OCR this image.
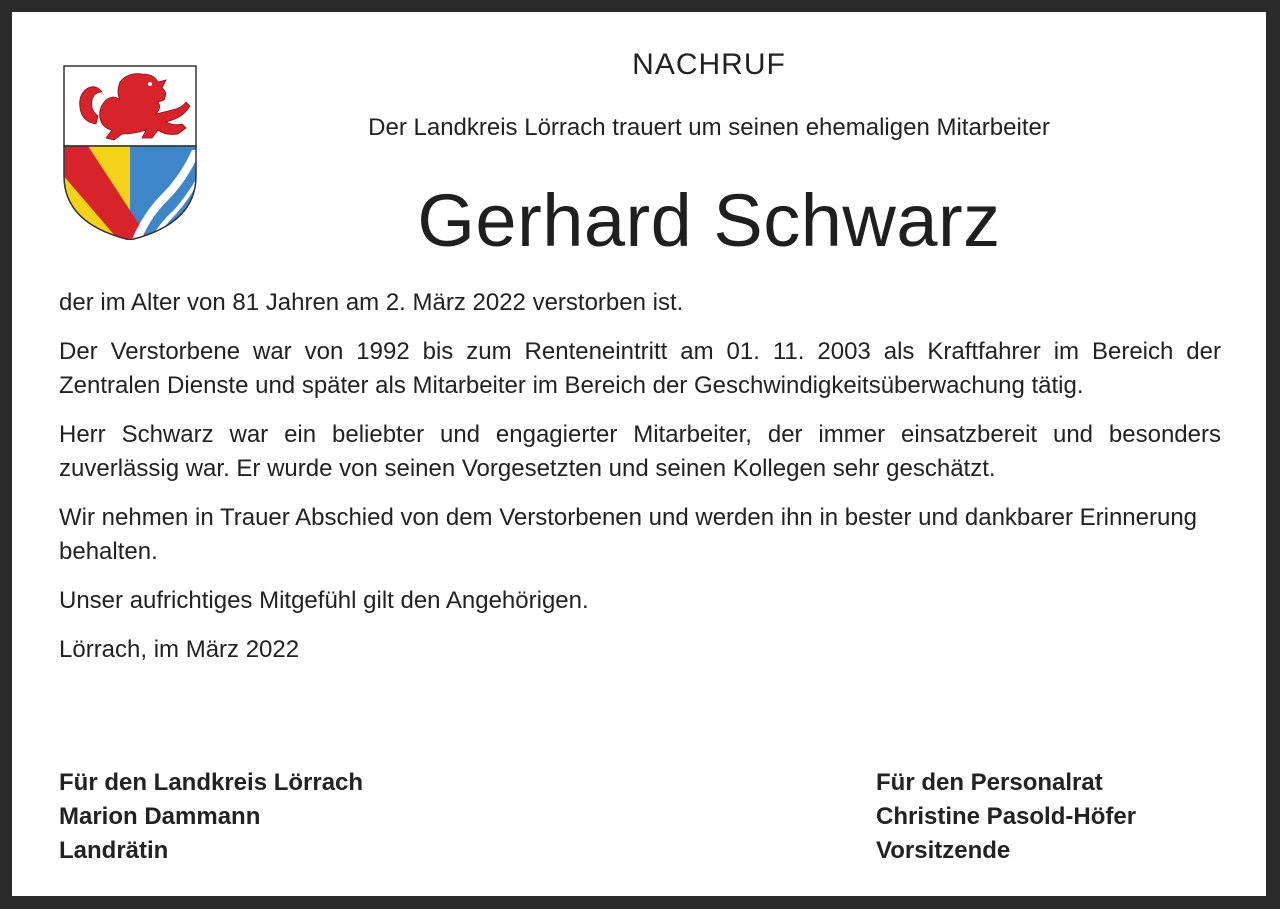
NACHRUF
Der Landkreis Lörrach trauert um seinen ehemaligen Mitarbeiter
Gerhard Schwarz

der im Alter von 81 Jahren am 2. März 2022 verstorben ist.

Der Verstorbene war von 1992 bis zum Renteneintritt am 01. 11. 2003 als Kraftfahrer im Bereich der Zentralen Dienste und später als Mitarbeiter im Bereich der Geschwindigkeitsüberwachung tätig.

Herr Schwarz war ein beliebter und engagierter Mitarbeiter, der immer einsatzbereit und besonders zuverlässig war. Er wurde von seinen Vorgesetzten und seinen Kollegen sehr geschätzt.

Wir nehmen in Trauer Abschied von dem Verstorbenen und werden ihn in bester und dankbarer Erinnerung behalten.

Unser aufrichtiges Mitgefühl gilt den Angehörigen.

Lörrach, im März 2022

Für den Landkreis Lörrach
Marion Dammann
Landrätin
Für den Personalrat
Christine Pasold-Höfer
Vorsitzende
